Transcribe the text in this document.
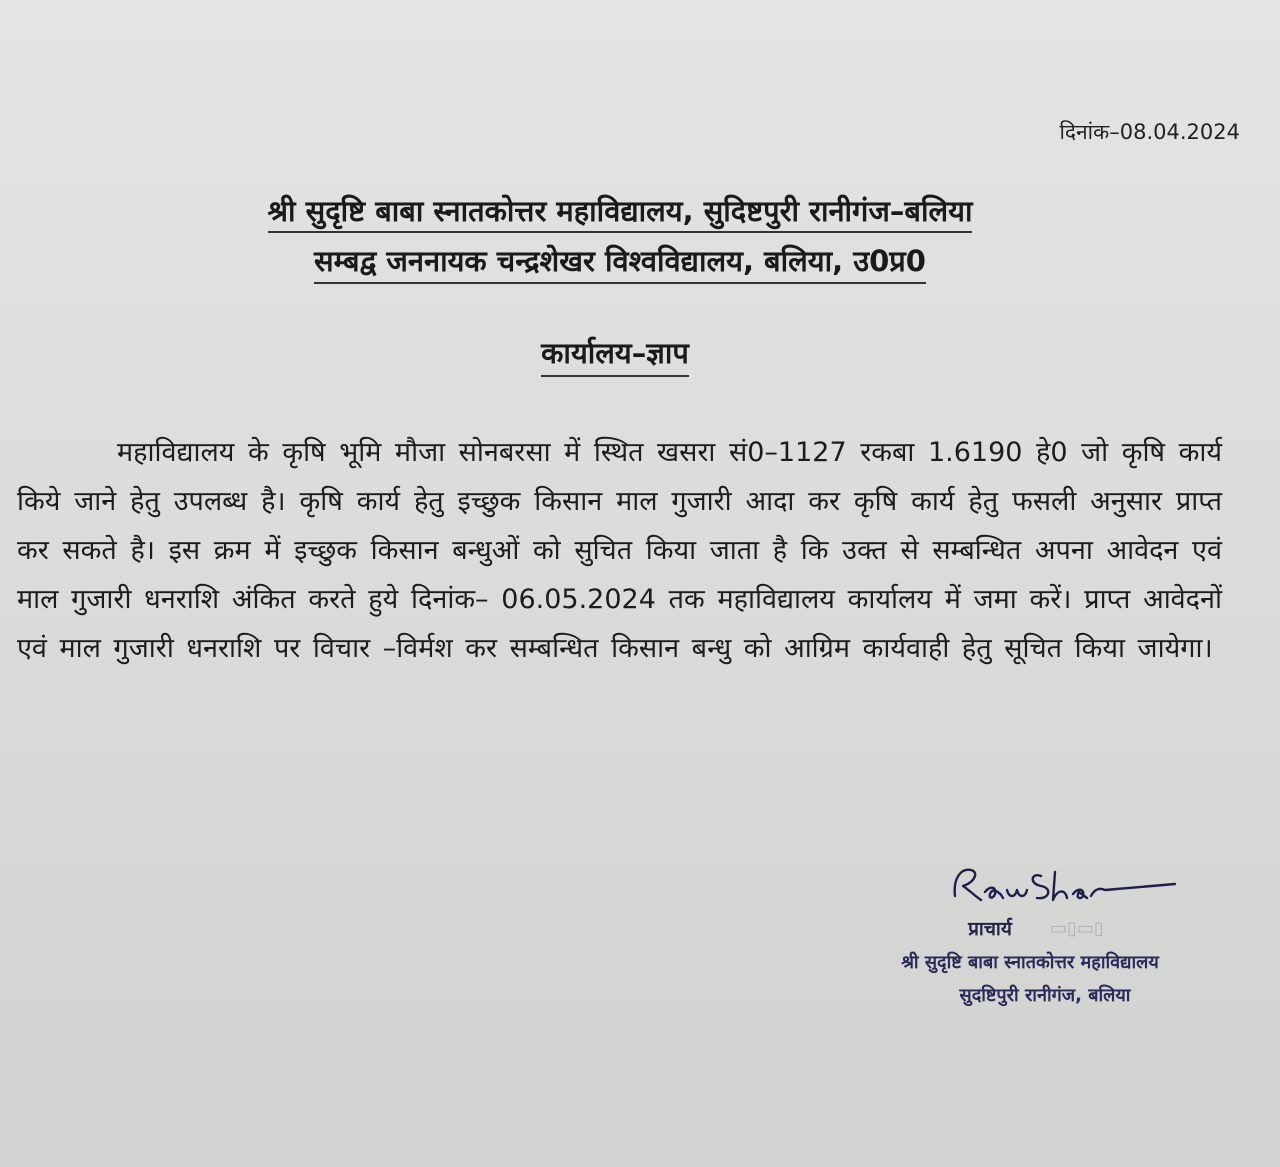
दिनांक–08.04.2024
श्री सुदृष्टि बाबा स्नातकोत्तर महाविद्यालय, सुदिष्टपुरी रानीगंज–बलिया
सम्बद्व जननायक चन्द्रशेखर विश्वविद्यालय, बलिया, उ0प्र0
कार्यालय–ज्ञाप
महाविद्यालय के कृषि भूमि मौजा सोनबरसा में स्थित खसरा सं0–1127 रकबा 1.6190 हे0 जो कृषि कार्य किये जाने हेतु उपलब्ध है। कृषि कार्य हेतु इच्छुक किसान माल गुजारी आदा कर कृषि कार्य हेतु फसली अनुसार प्राप्त कर सकते है। इस क्रम में इच्छुक किसान बन्धुओं को सुचित किया जाता है कि उक्त से सम्बन्धित अपना आवेदन एवं माल गुजारी धनराशि अंकित करते हुये दिनांक– 06.05.2024 तक महाविद्यालय कार्यालय में जमा करें। प्राप्त आवेदनों एवं माल गुजारी धनराशि पर विचार –विर्मश कर सम्बन्धित किसान बन्धु को आग्रिम कार्यवाही हेतु सूचित किया जायेगा।
▭▯▭▯
प्राचार्य
श्री सुदृष्टि बाबा स्नातकोत्तर महाविद्यालय
सुदष्टिपुरी रानीगंज, बलिया
